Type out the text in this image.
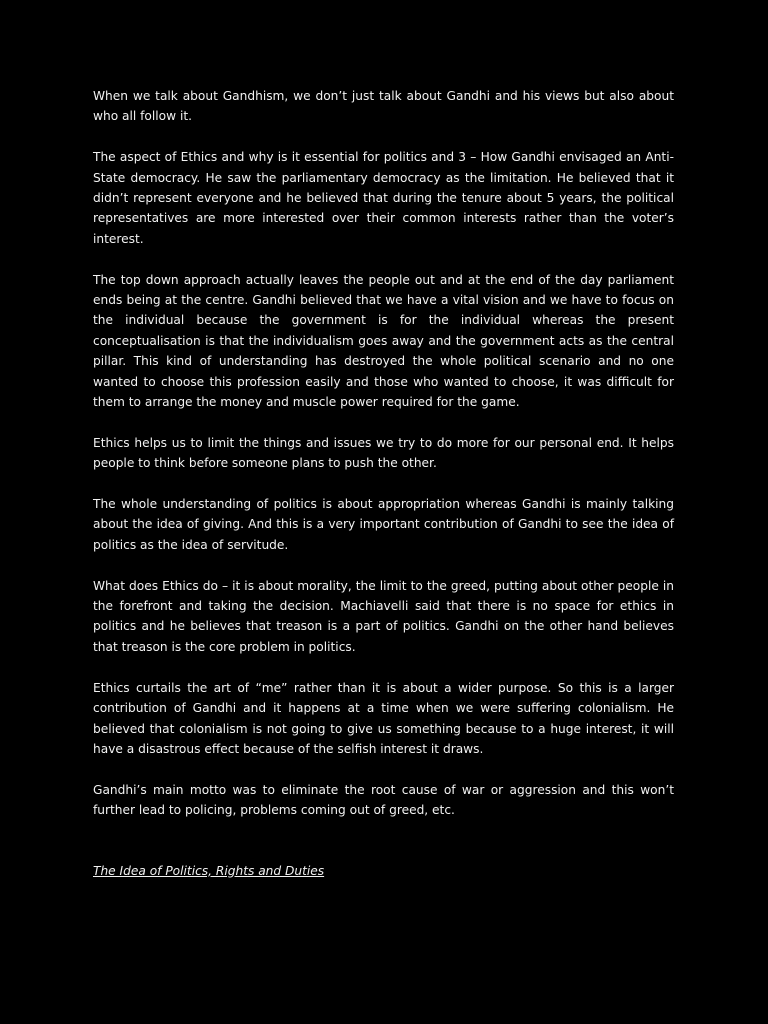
When we talk about Gandhism, we don’t just talk about Gandhi and his views but also about who all follow it.

The aspect of Ethics and why is it essential for politics and 3 – How Gandhi envisaged an Anti-State democracy. He saw the parliamentary democracy as the limitation. He believed that it didn’t represent everyone and he believed that during the tenure about 5 years, the political representatives are more interested over their common interests rather than the voter’s interest.

The top down approach actually leaves the people out and at the end of the day parliament ends being at the centre. Gandhi believed that we have a vital vision and we have to focus on the individual because the government is for the individual whereas the present conceptualisation is that the individualism goes away and the government acts as the central pillar. This kind of understanding has destroyed the whole political scenario and no one wanted to choose this profession easily and those who wanted to choose, it was difficult for them to arrange the money and muscle power required for the game.

Ethics helps us to limit the things and issues we try to do more for our personal end. It helps people to think before someone plans to push the other.

The whole understanding of politics is about appropriation whereas Gandhi is mainly talking about the idea of giving. And this is a very important contribution of Gandhi to see the idea of politics as the idea of servitude.

What does Ethics do – it is about morality, the limit to the greed, putting about other people in the forefront and taking the decision. Machiavelli said that there is no space for ethics in politics and he believes that treason is a part of politics. Gandhi on the other hand believes that treason is the core problem in politics.

Ethics curtails the art of “me” rather than it is about a wider purpose. So this is a larger contribution of Gandhi and it happens at a time when we were suffering colonialism. He believed that colonialism is not going to give us something because to a huge interest, it will have a disastrous effect because of the selfish interest it draws.

Gandhi’s main motto was to eliminate the root cause of war or aggression and this won’t further lead to policing, problems coming out of greed, etc.

The Idea of Politics, Rights and Duties
